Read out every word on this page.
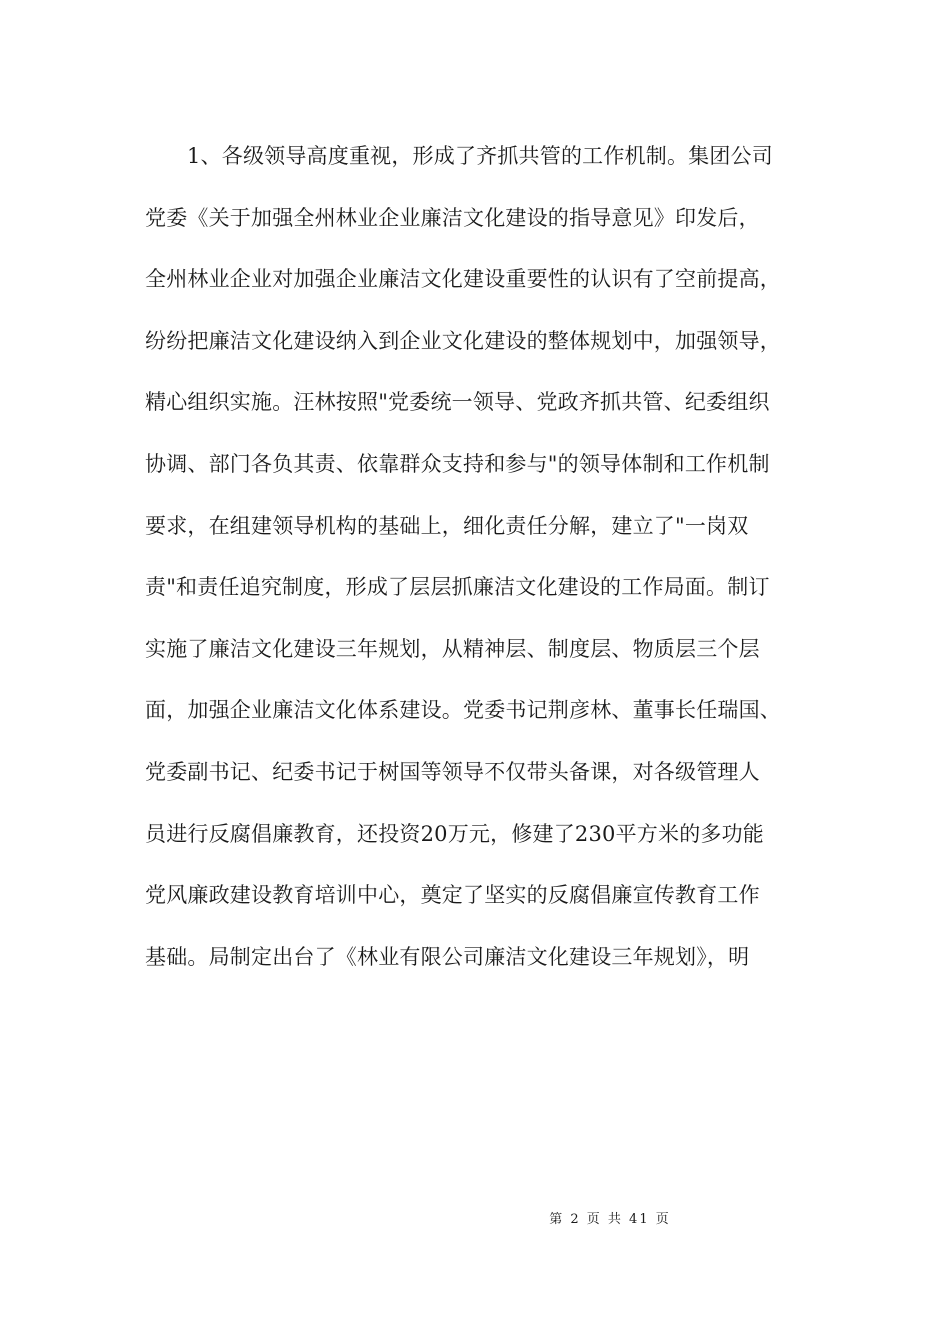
1、各级领导高度重视，形成了齐抓共管的工作机制。集团公司
党委《关于加强全州林业企业廉洁文化建设的指导意见》印发后，
全州林业企业对加强企业廉洁文化建设重要性的认识有了空前提高，
纷纷把廉洁文化建设纳入到企业文化建设的整体规划中，加强领导，
精心组织实施。汪林按照"党委统一领导、党政齐抓共管、纪委组织
协调、部门各负其责、依靠群众支持和参与"的领导体制和工作机制
要求，在组建领导机构的基础上，细化责任分解，建立了"一岗双
责"和责任追究制度，形成了层层抓廉洁文化建设的工作局面。制订
实施了廉洁文化建设三年规划，从精神层、制度层、物质层三个层
面，加强企业廉洁文化体系建设。党委书记荆彦林、董事长任瑞国、
党委副书记、纪委书记于树国等领导不仅带头备课，对各级管理人
员进行反腐倡廉教育，还投资20万元，修建了230平方米的多功能
党风廉政建设教育培训中心，奠定了坚实的反腐倡廉宣传教育工作
基础。局制定出台了《林业有限公司廉洁文化建设三年规划》，明
第 2 页 共 41 页
